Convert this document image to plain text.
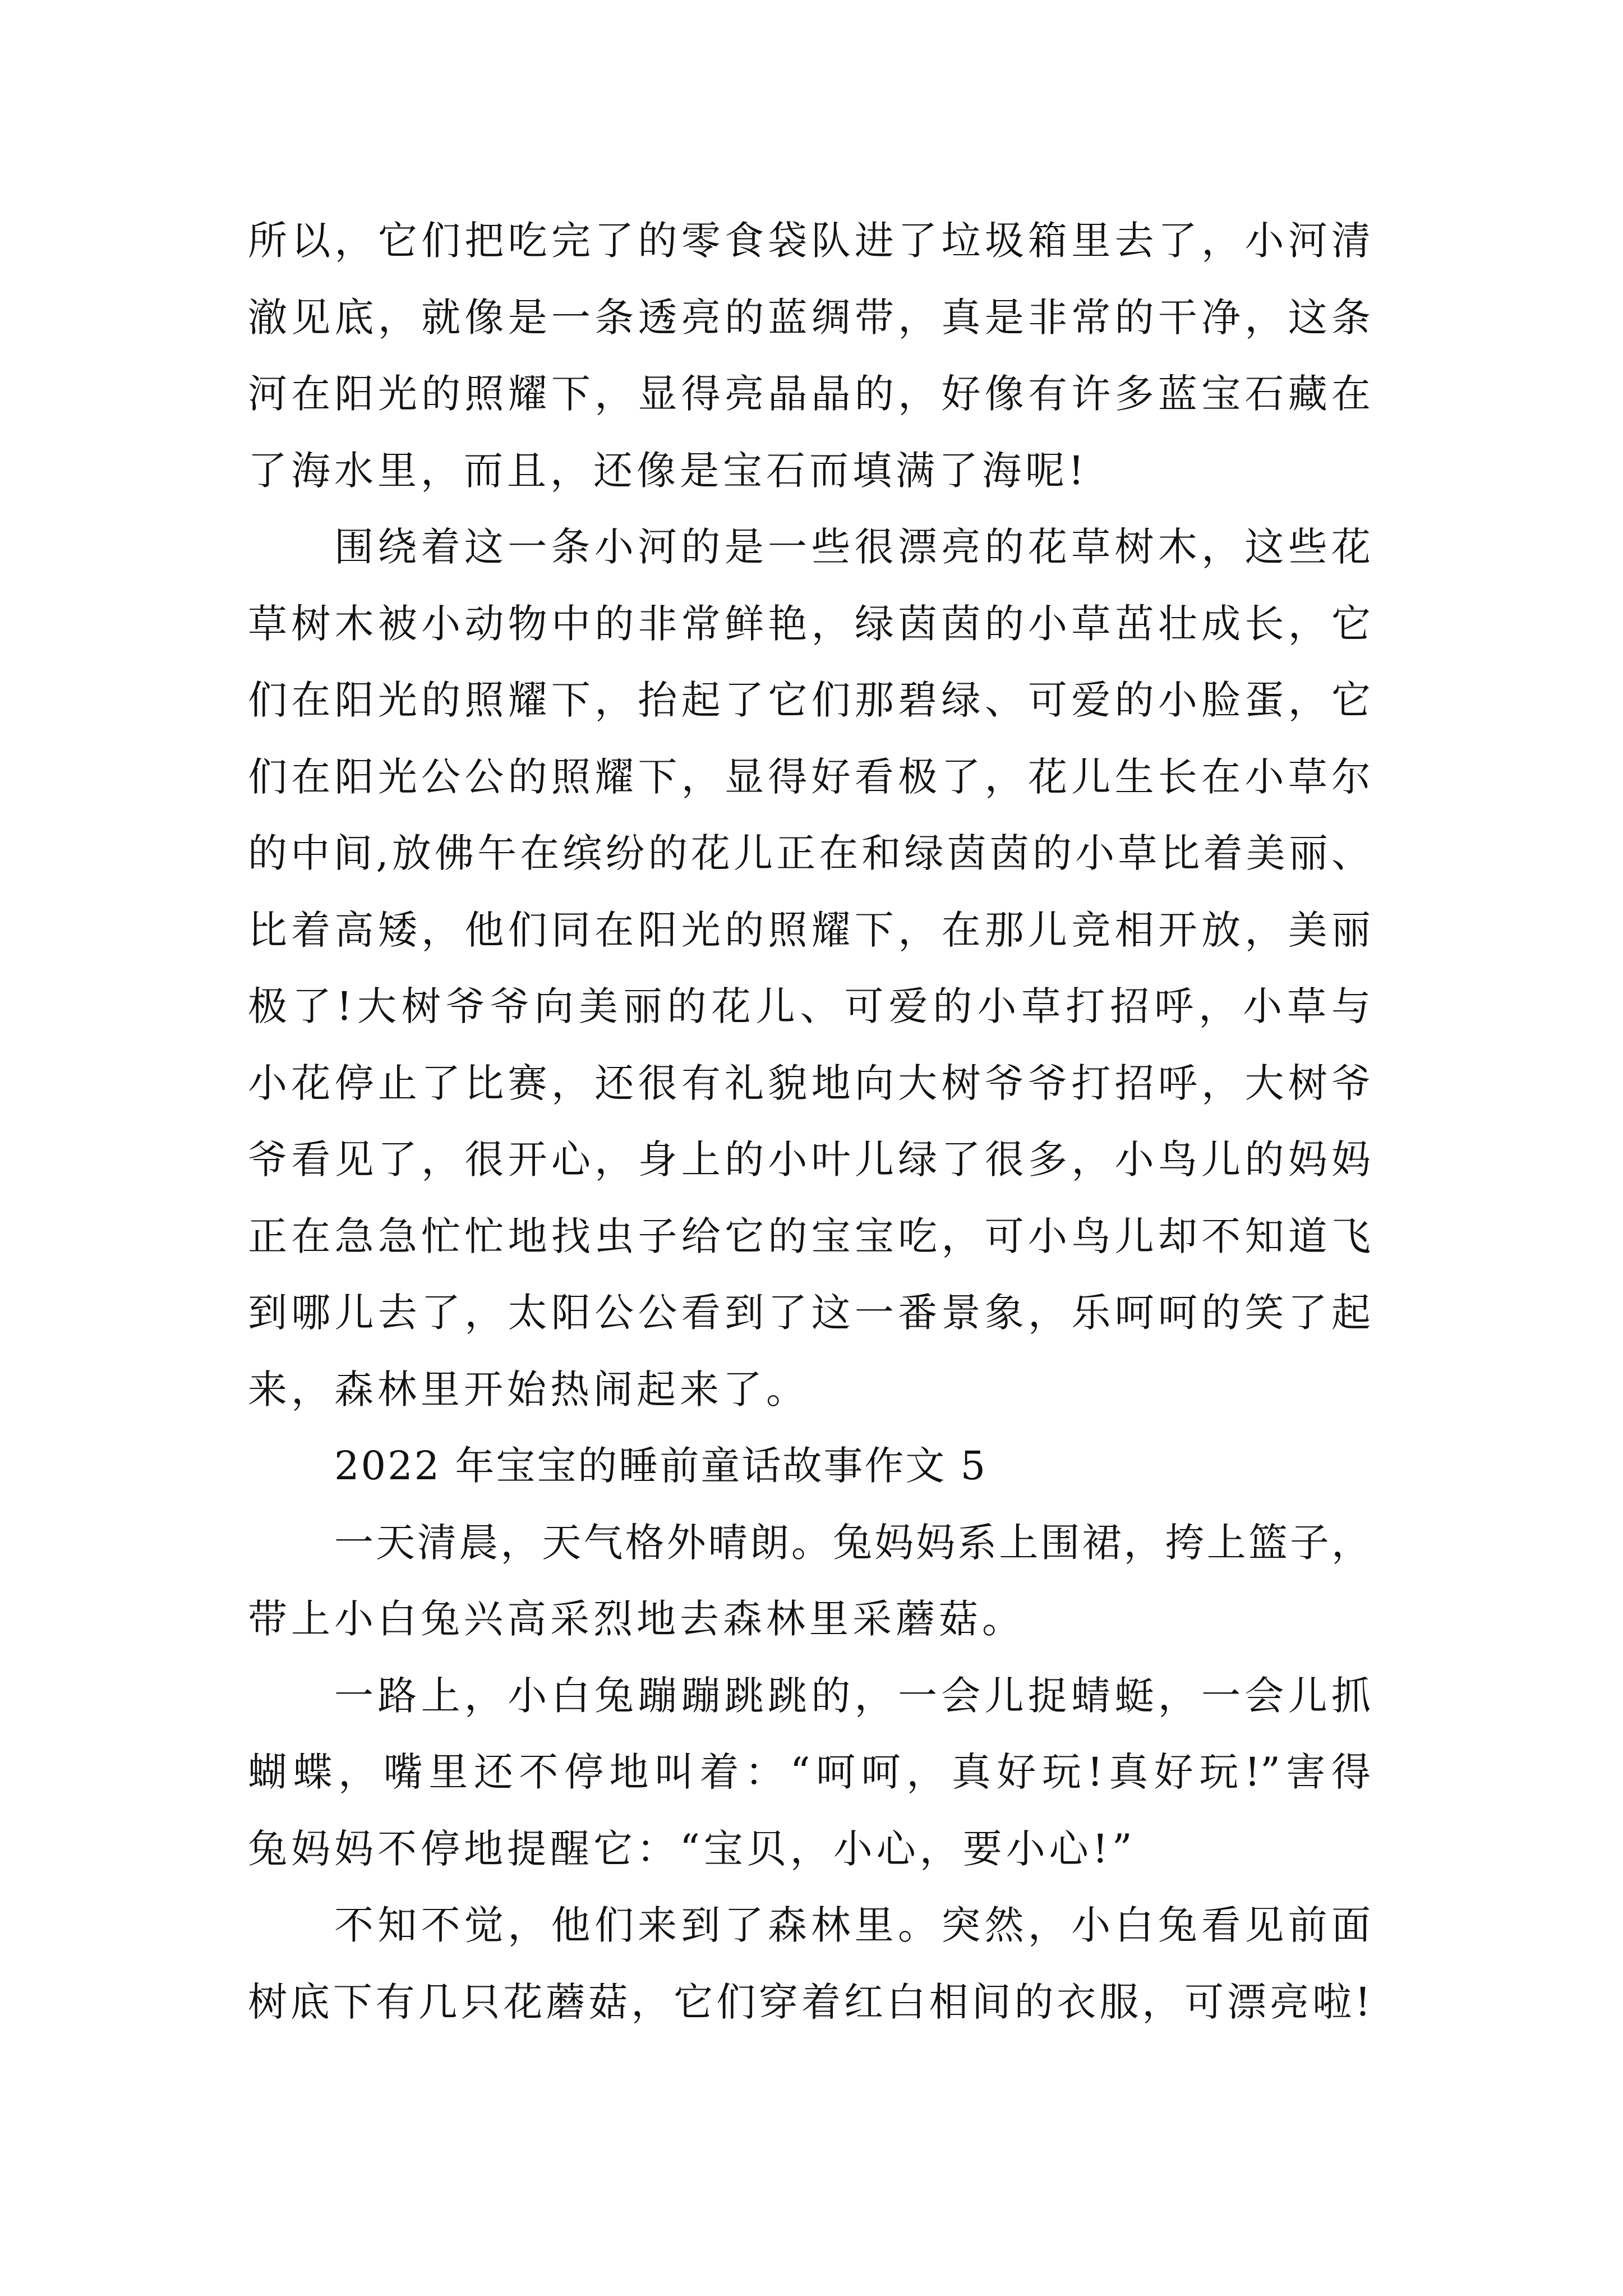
所以，它们把吃完了的零食袋队进了垃圾箱里去了，小河清
澈见底，就像是一条透亮的蓝绸带，真是非常的干净，这条
河在阳光的照耀下，显得亮晶晶的，好像有许多蓝宝石藏在
了海水里，而且，还像是宝石而填满了海呢!
围绕着这一条小河的是一些很漂亮的花草树木，这些花
草树木被小动物中的非常鲜艳，绿茵茵的小草茁壮成长，它
们在阳光的照耀下，抬起了它们那碧绿、可爱的小脸蛋，它
们在阳光公公的照耀下，显得好看极了，花儿生长在小草尔
的中间,放佛午在缤纷的花儿正在和绿茵茵的小草比着美丽、
比着高矮，他们同在阳光的照耀下，在那儿竞相开放，美丽
极了!大树爷爷向美丽的花儿、可爱的小草打招呼，小草与
小花停止了比赛，还很有礼貌地向大树爷爷打招呼，大树爷
爷看见了，很开心，身上的小叶儿绿了很多，小鸟儿的妈妈
正在急急忙忙地找虫子给它的宝宝吃，可小鸟儿却不知道飞
到哪儿去了，太阳公公看到了这一番景象，乐呵呵的笑了起
来，森林里开始热闹起来了。
2022 年宝宝的睡前童话故事作文 5
一天清晨，天气格外晴朗。兔妈妈系上围裙，挎上篮子，
带上小白兔兴高采烈地去森林里采蘑菇。
一路上，小白兔蹦蹦跳跳的，一会儿捉蜻蜓，一会儿抓
蝴蝶，嘴里还不停地叫着：“呵呵，真好玩!真好玩!”害得
兔妈妈不停地提醒它：“宝贝，小心，要小心!”
不知不觉，他们来到了森林里。突然，小白兔看见前面
树底下有几只花蘑菇，它们穿着红白相间的衣服，可漂亮啦!
